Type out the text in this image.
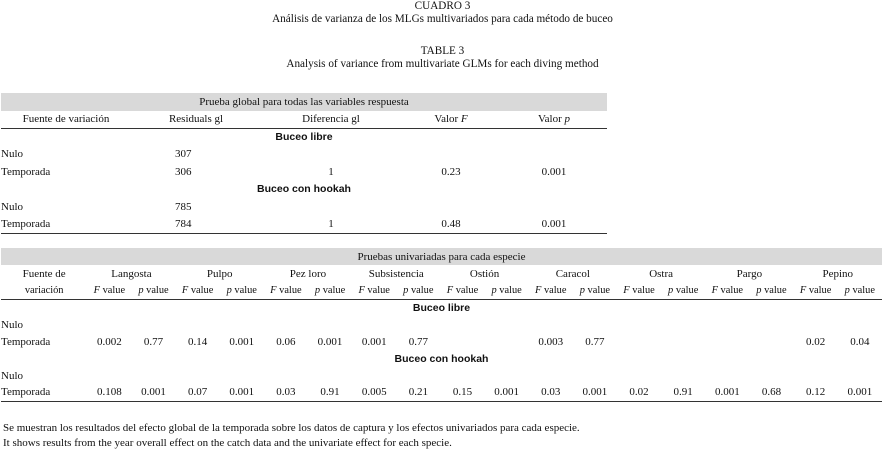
CUADRO 3
Análisis de varianza de los MLGs multivariados para cada método de buceo
TABLE 3
Analysis of variance from multivariate GLMs for each diving method
Prueba global para todas las variables respuesta				
Fuente de variación	Residuals gl	Diferencia gl	Valor F	Valor p
Buceo libre				
Nulo	307			
Temporada	306	1	0.23	0.001
Buceo con hookah				
Nulo	785			
Temporada	784	1	0.48	0.001
Pruebas univariadas para cada especie																		
Fuente de	Langosta		Pulpo		Pez loro		Subsistencia		Ostión		Caracol		Ostra		Pargo		Pepino	
variación	F value	p value	F value	p value	F value	p value	F value	p value	F value	p value	F value	p value	F value	p value	F value	p value	F value	p value
Buceo libre																		
Nulo																		
Temporada	0.002	0.77	0.14	0.001	0.06	0.001	0.001	0.77			0.003	0.77					0.02	0.04
Buceo con hookah																		
Nulo																		
Temporada	0.108	0.001	0.07	0.001	0.03	0.91	0.005	0.21	0.15	0.001	0.03	0.001	0.02	0.91	0.001	0.68	0.12	0.001
Se muestran los resultados del efecto global de la temporada sobre los datos de captura y los efectos univariados para cada especie.
It shows results from the year overall effect on the catch data and the univariate effect for each specie.
